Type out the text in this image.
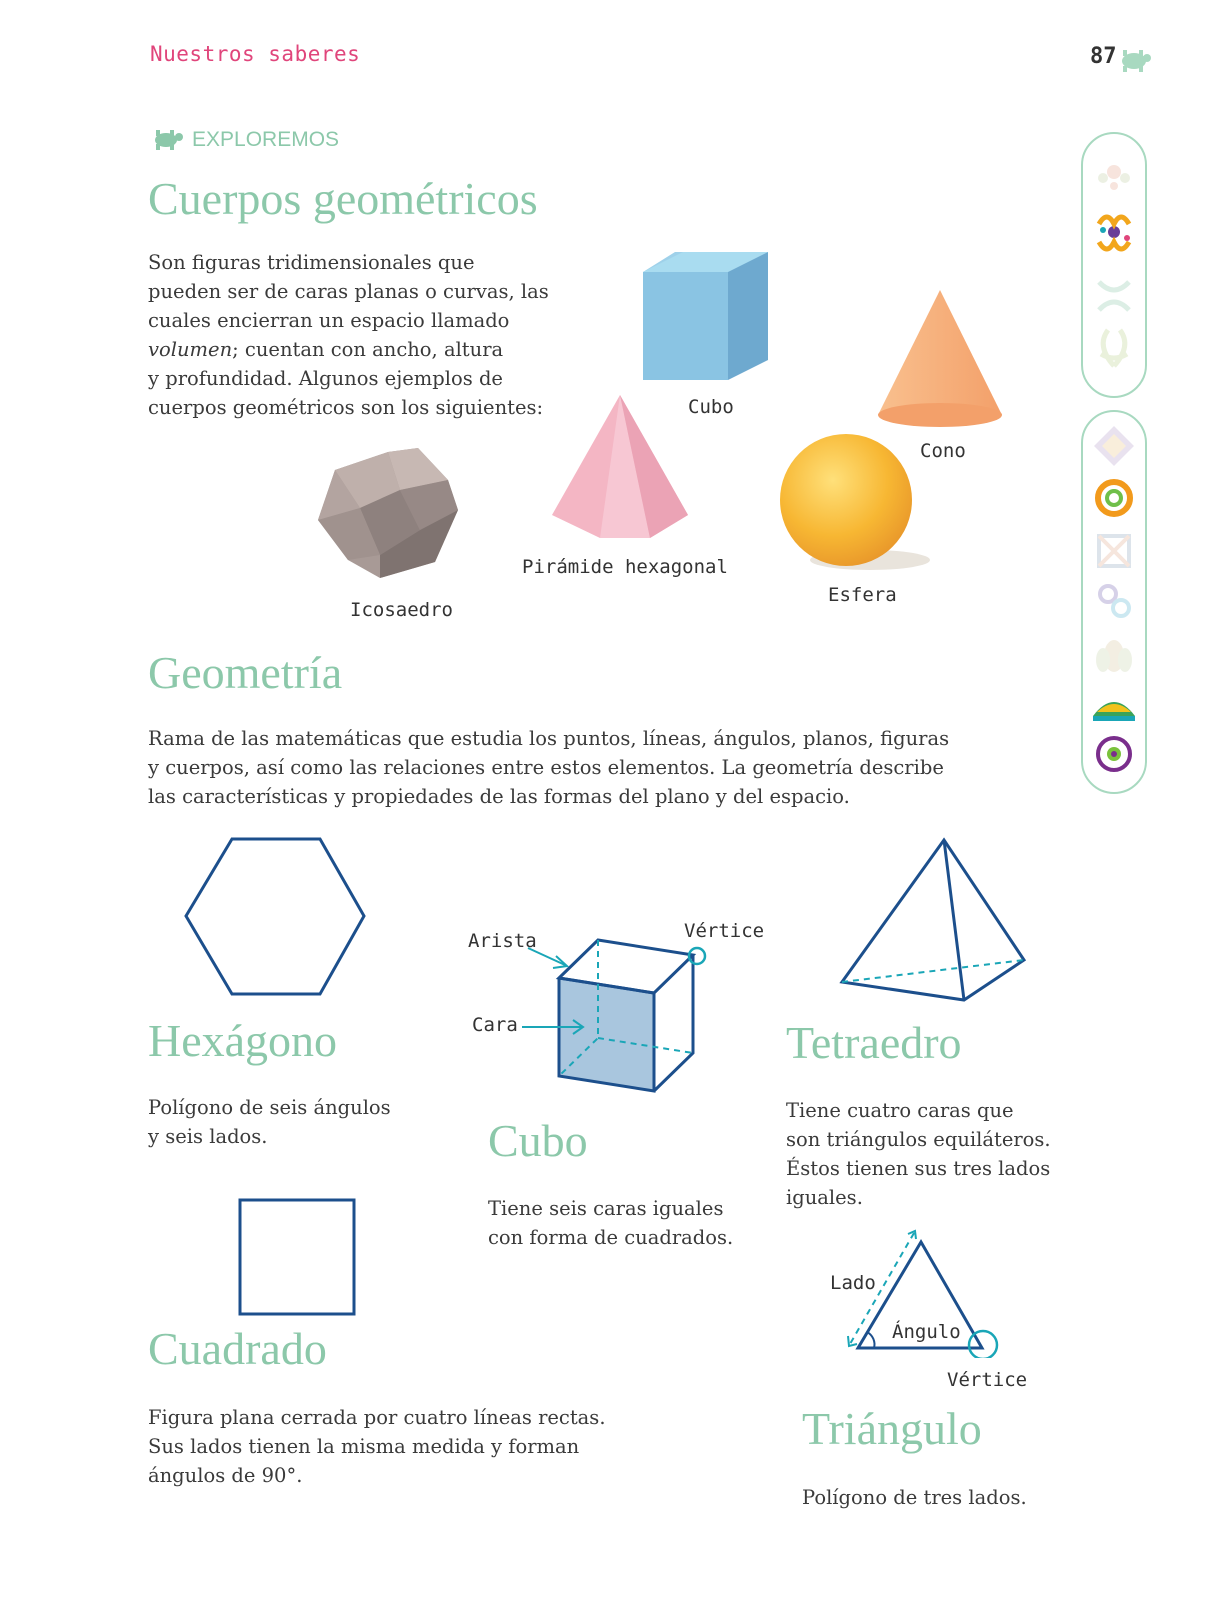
Nuestros saberes	87
EXPLOREMOS
Cuerpos geométricos

Son figuras tridimensionales que

pueden ser de caras planas o curvas, las

cuales encierran un espacio llamado

volumen; cuentan con ancho, altura

y profundidad. Algunos ejemplos de

cuerpos geométricos son los siguientes:	Cubo
Cono
Pirámide hexagonal
Esfera
Icosaedro
Geometría

Rama de las matemáticas que estudia los puntos, líneas, ángulos, planos, figuras

y cuerpos, así como las relaciones entre estos elementos. La geometría describe

las características y propiedades de las formas del plano y del espacio.

Hexágono

Polígono de seis ángulos

y seis lados.

Arista
Cara
Vértice
Cubo

Tiene seis caras iguales

con forma de cuadrados.

Tetraedro

Tiene cuatro caras que

son triángulos equiláteros.

Éstos tienen sus tres lados

iguales.

Cuadrado

Figura plana cerrada por cuatro líneas rectas.

Sus lados tienen la misma medida y forman

ángulos de 90°.

Lado
Ángulo
Vértice
Triángulo

Polígono de tres lados.
